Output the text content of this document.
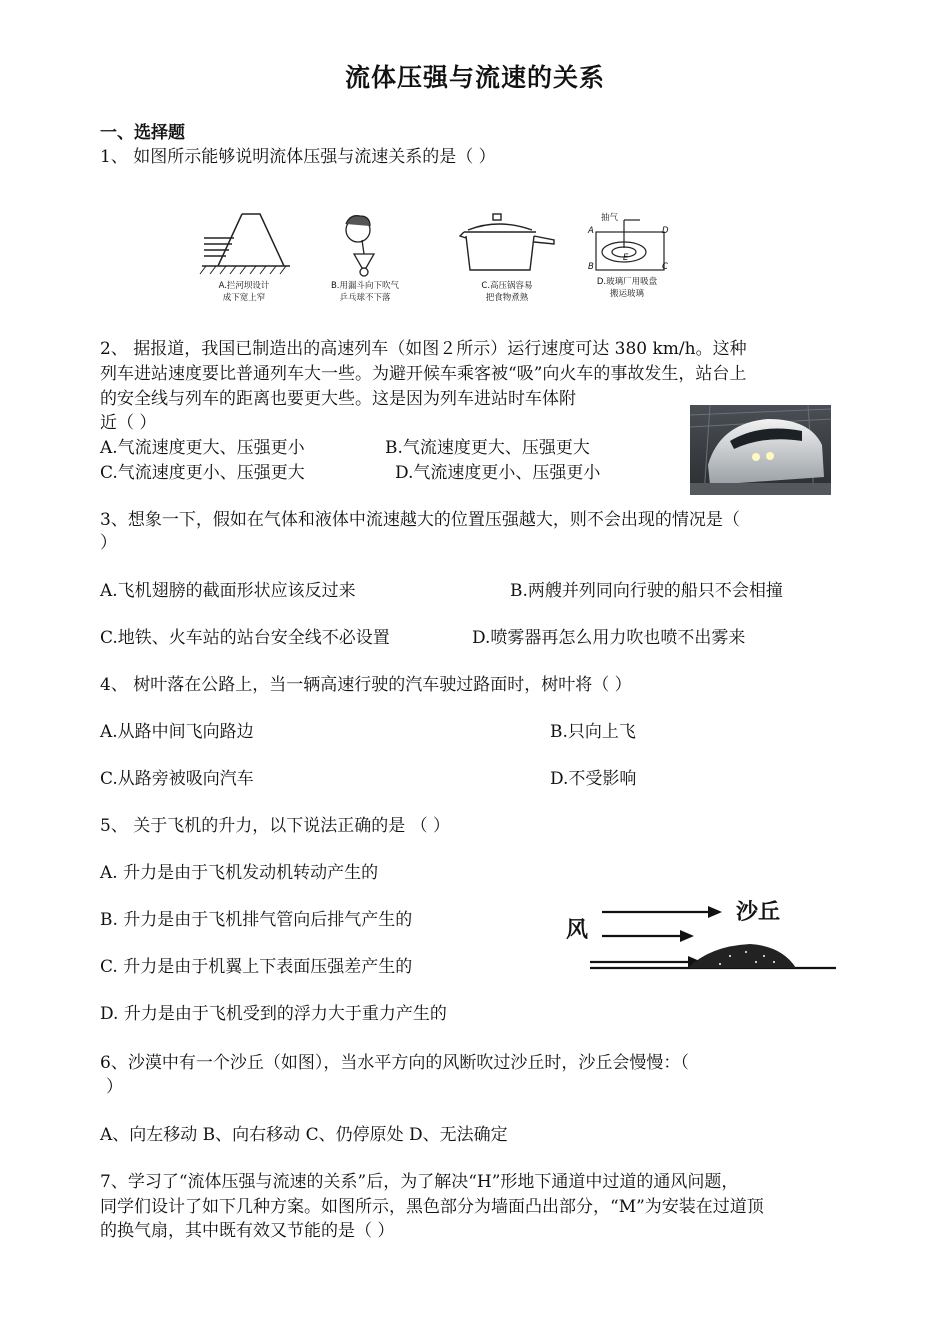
流体压强与流速的关系
一、选择题
1、 如图所示能够说明流体压强与流速关系的是（ ）
A.拦河坝设计
成下宽上窄
B.用漏斗向下吹气
乒乓球不下落
C.高压锅容易
把食物煮熟
抽气
A	D
B	C
E
D.玻璃厂用吸盘
搬运玻璃
2、 据报道，我国已制造出的高速列车（如图２所示）运行速度可达 380 km/h。这种
列车进站速度要比普通列车大一些。为避开候车乘客被“吸”向火车的事故发生，站台上
的安全线与列车的距离也要更大些。这是因为列车进站时车体附
近（ ）
A.气流速度更大、压强更小	B.气流速度更大、压强更大
C.气流速度更小、压强更大	D.气流速度更小、压强更小
3、想象一下，假如在气体和液体中流速越大的位置压强越大，则不会出现的情况是（
）
A.飞机翅膀的截面形状应该反过来	B.两艘并列同向行驶的船只不会相撞
C.地铁、火车站的站台安全线不必设置	D.喷雾器再怎么用力吹也喷不出雾来
4、 树叶落在公路上，当一辆高速行驶的汽车驶过路面时，树叶将（ ）
A.从路中间飞向路边	B.只向上飞
C.从路旁被吸向汽车	D.不受影响
5、 关于飞机的升力，以下说法正确的是 （ ）
A. 升力是由于飞机发动机转动产生的
B. 升力是由于飞机排气管向后排气产生的
C. 升力是由于机翼上下表面压强差产生的
D. 升力是由于飞机受到的浮力大于重力产生的
风
沙丘
6、沙漠中有一个沙丘（如图），当水平方向的风断吹过沙丘时，沙丘会慢慢：（
）
A、向左移动 B、向右移动 C、仍停原处 D、无法确定
7、学习了“流体压强与流速的关系”后，为了解决“H”形地下通道中过道的通风问题，
同学们设计了如下几种方案。如图所示，黑色部分为墙面凸出部分，“M”为安装在过道顶
的换气扇，其中既有效又节能的是（ ）
